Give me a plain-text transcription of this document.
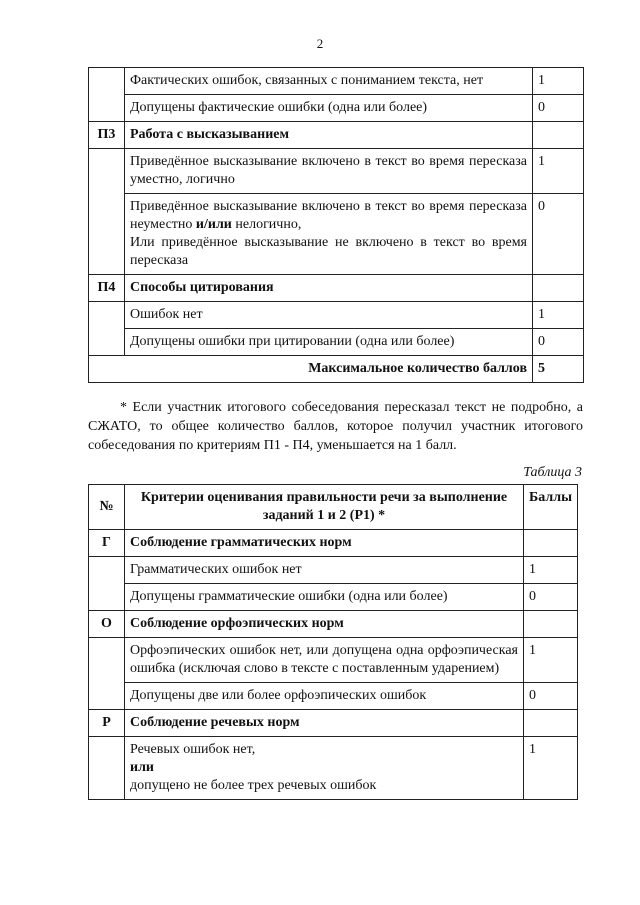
2
	Фактических ошибок, связанных с пониманием текста, нет	1
	Допущены фактические ошибки (одна или более)	0
П3	Работа с высказыванием	
	Приведённое высказывание включено в текст во время пересказа уместно, логично	1
	Приведённое высказывание включено в текст во время пересказа неуместно и/или нелогично,
Или приведённое высказывание не включено в текст во время пересказа	0
П4	Способы цитирования	
	Ошибок нет	1
	Допущены ошибки при цитировании (одна или более)	0
Максимальное количество баллов		5
* Если участник итогового собеседования пересказал текст не подробно, а СЖАТО, то общее количество баллов, которое получил участник итогового собеседования по критериям П1 - П4, уменьшается на 1 балл.
Таблица 3
№	Критерии оценивания правильности речи за выполнение заданий 1 и 2 (Р1) *	Баллы
Г	Соблюдение грамматических норм	
	Грамматических ошибок нет	1
	Допущены грамматические ошибки (одна или более)	0
О	Соблюдение орфоэпических норм	
	Орфоэпических ошибок нет, или допущена одна орфоэпическая ошибка (исключая слово в тексте с поставленным ударением)	1
	Допущены две или более орфоэпических ошибок	0
Р	Соблюдение речевых норм	
	Речевых ошибок нет,
или
допущено не более трех речевых ошибок	1
